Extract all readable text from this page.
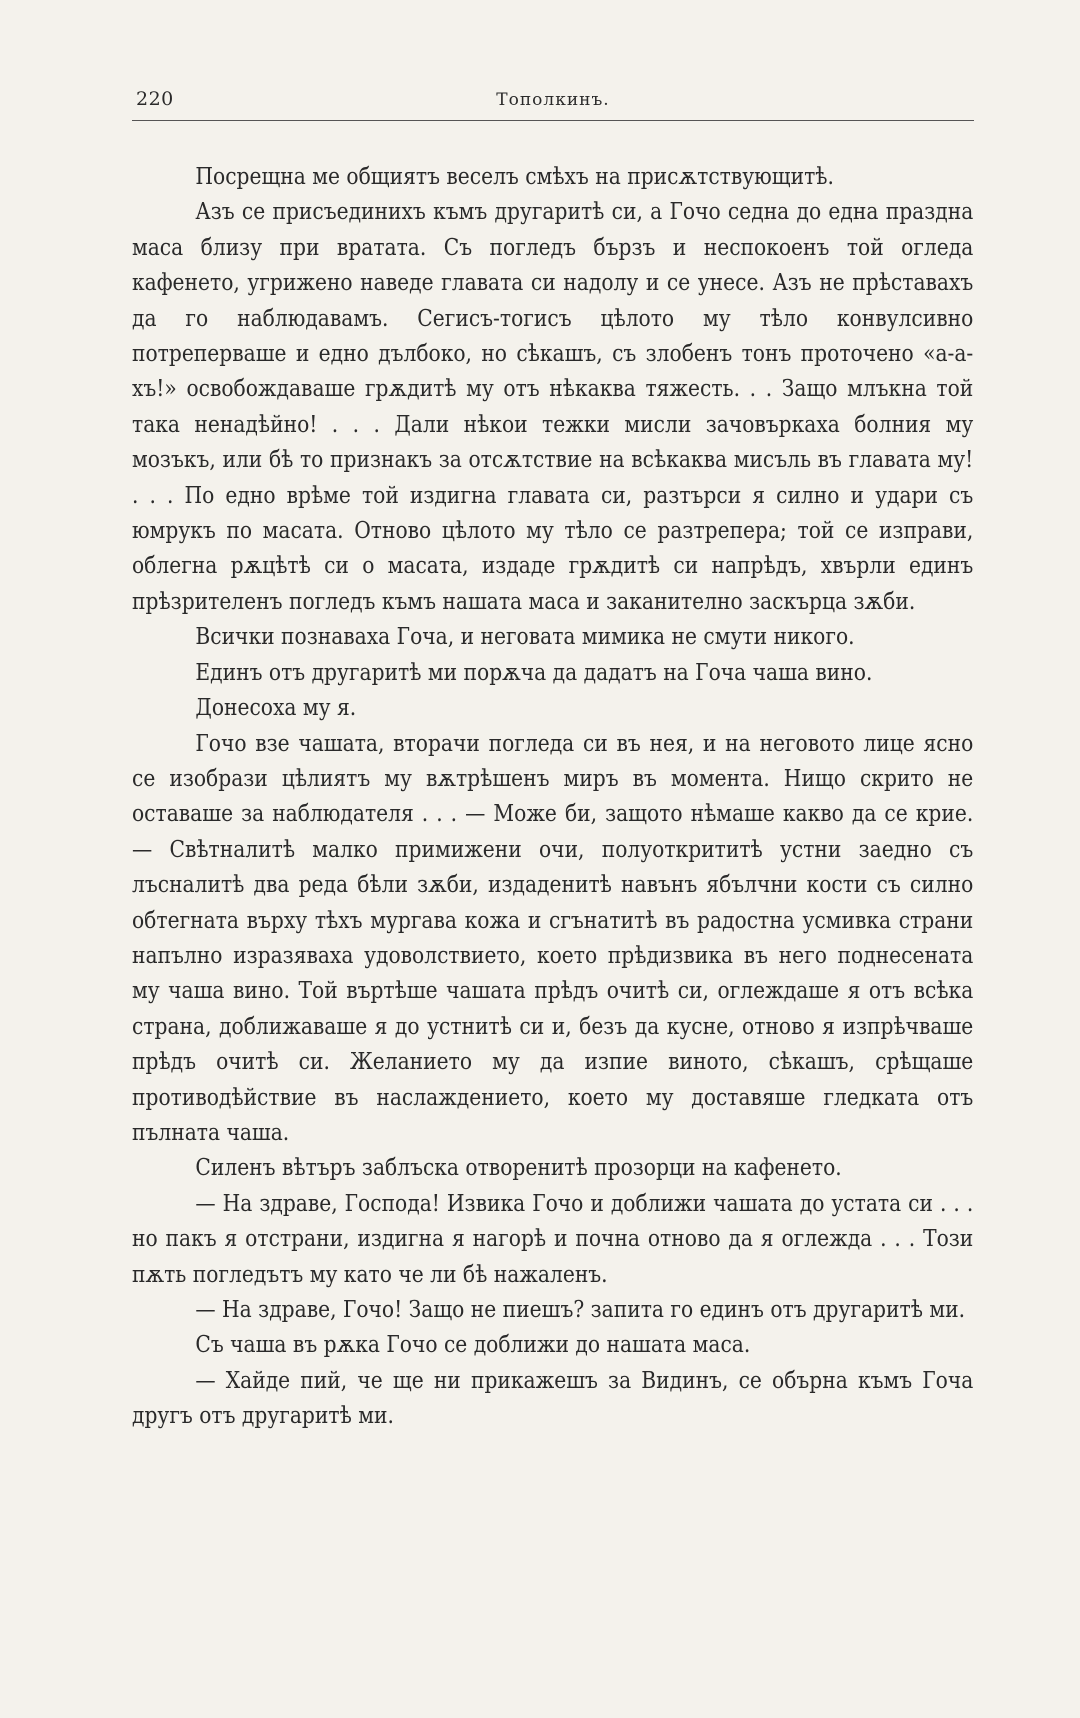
220	Тополкинъ.

Посрещна ме общиятъ веселъ смѣхъ на присѫтствующитѣ.

Азъ се присъединихъ къмъ другаритѣ си, а Гочо седна до една праздна маса близу при вратата. Съ погледъ бързъ и неспокоенъ той огледа кафенето, угрижено наведе главата си надолу и се унесе. Азъ не прѣставахъ да го наблюдавамъ. Сегисъ-тогисъ цѣлото му тѣло конвулсивно потреперваше и едно дълбоко, но сѣкашъ, съ злобенъ тонъ проточено «а-а-хъ!» освобождаваше грѫдитѣ му отъ нѣкаква тяжесть. . . Защо млъкна той така ненадѣйно! . . . Дали нѣкои тежки мисли зачовъркаха болния му мозъкъ, или бѣ то признакъ за отсѫтствие на всѣкаква мисъль въ главата му! . . . По едно врѣме той издигна главата си, разтърси я силно и удари съ юмрукъ по масата. Отново цѣлото му тѣло се разтрепера; той се изправи, облегна рѫцѣтѣ си о масата, издаде грѫдитѣ си напрѣдъ, хвърли единъ прѣзрителенъ погледъ къмъ нашата маса и заканително заскърца зѫби.

Всички познаваха Гоча, и неговата мимика не смути никого.

Единъ отъ другаритѣ ми порѫча да дадатъ на Гоча чаша вино.

Донесоха му я.

Гочо взе чашата, вторачи погледа си въ нея, и на неговото лице ясно се изобрази цѣлиятъ му вѫтрѣшенъ миръ въ момента. Нищо скрито не оставаше за наблюдателя . . . — Може би, защото нѣмаше какво да се крие. — Свѣтналитѣ малко примижени очи, полуоткрититѣ устни заедно съ лъсналитѣ два реда бѣли зѫби, издаденитѣ навънъ ябълчни кости съ силно обтегната върху тѣхъ мургава кожа и сгънатитѣ въ радостна усмивка страни напълно изразяваха удоволствието, което прѣдизвика въ него поднесената му чаша вино. Той въртѣше чашата прѣдъ очитѣ си, оглеждаше я отъ всѣка страна, доближаваше я до устнитѣ си и, безъ да кусне, отново я изпрѣчваше прѣдъ очитѣ си. Желанието му да изпие виното, сѣкашъ, срѣщаше противодѣйствие въ наслаждението, което му доставяше гледката отъ пълната чаша.

Силенъ вѣтъръ заблъска отворенитѣ прозорци на кафенето.

— На здраве, Господа! Извика Гочо и доближи чашата до устата си . . . но пакъ я отстрани, издигна я нагорѣ и почна отново да я оглежда . . . Този пѫть погледътъ му като че ли бѣ нажаленъ.

— На здраве, Гочо! Защо не пиешъ? запита го единъ отъ другаритѣ ми.

Съ чаша въ рѫка Гочо се доближи до нашата маса.

— Хайде пий, че ще ни прикажешъ за Видинъ, се обърна къмъ Гоча другъ отъ другаритѣ ми.
